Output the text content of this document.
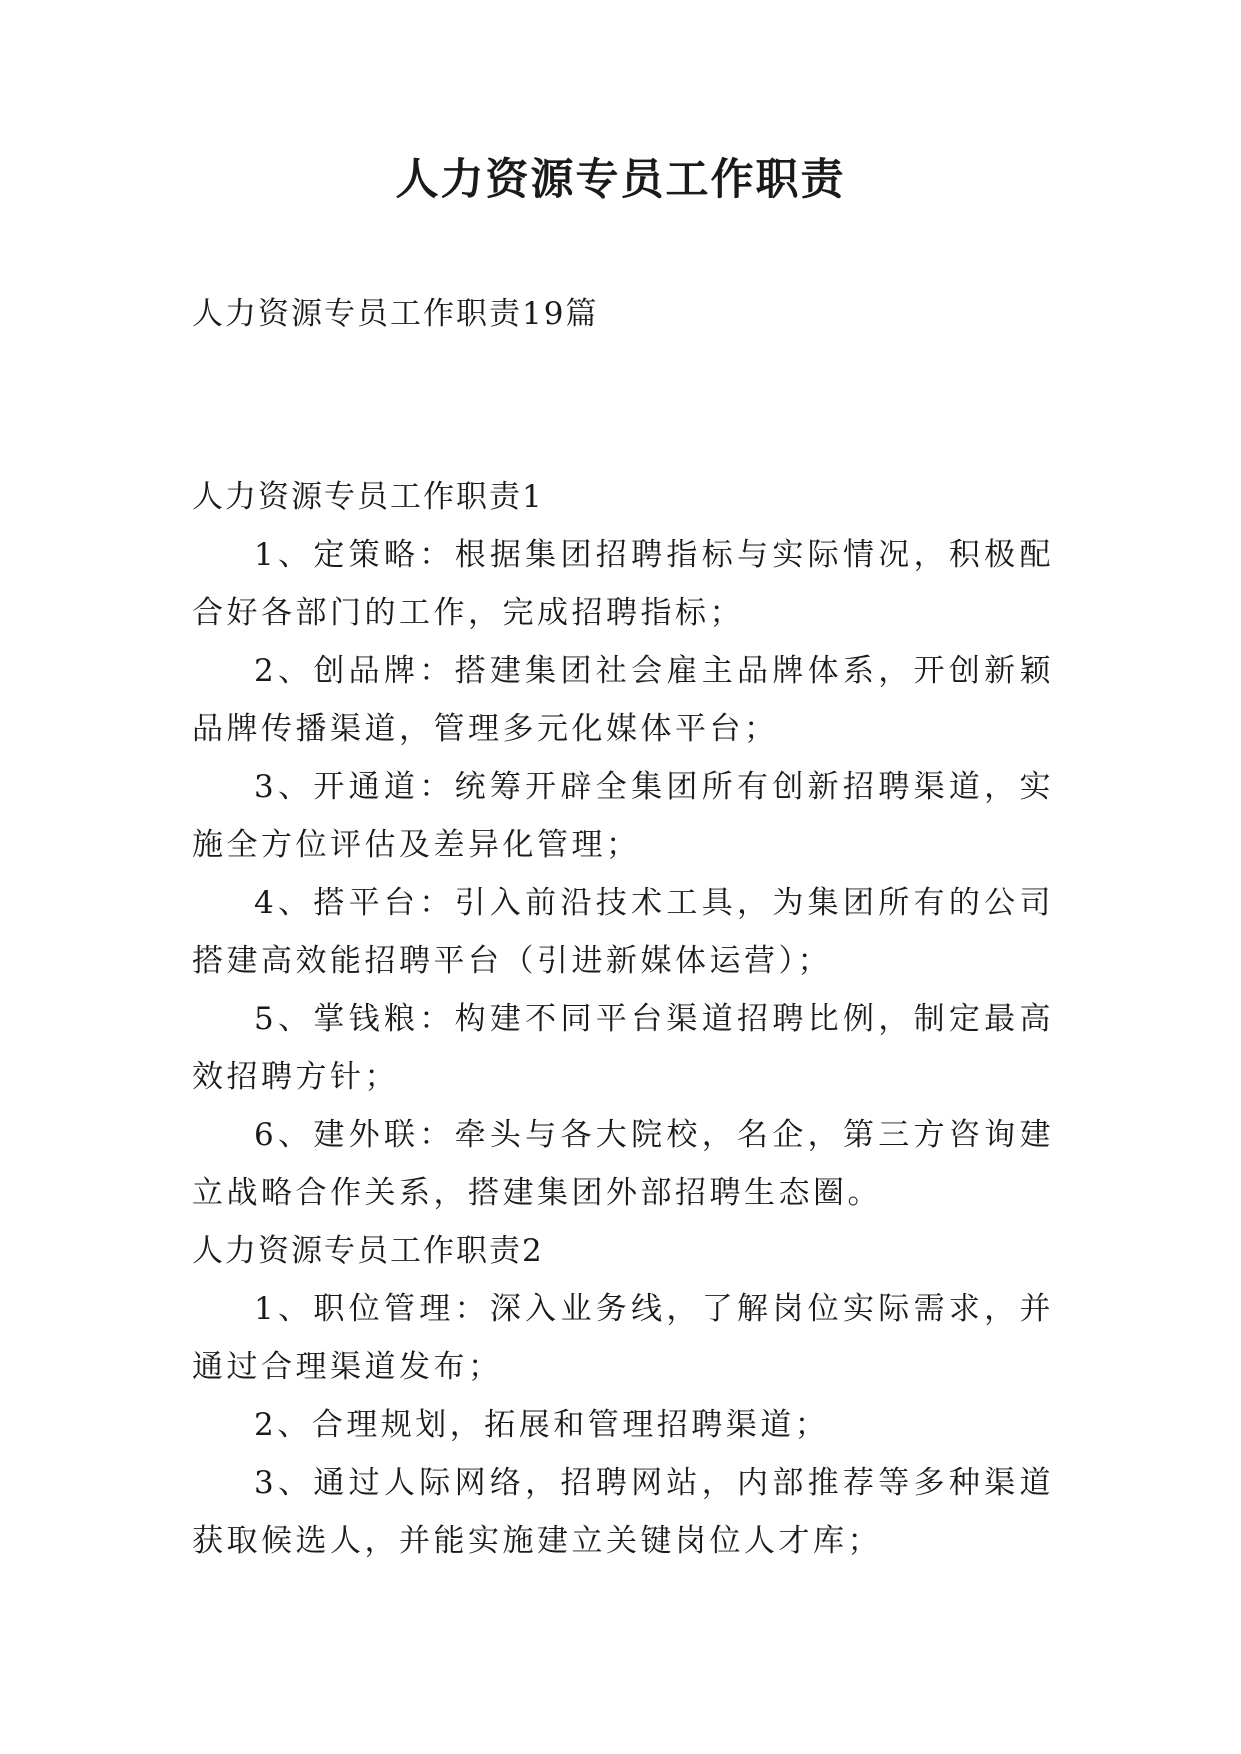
人力资源专员工作职责
人力资源专员工作职责19篇

人力资源专员工作职责1

1、定策略：根据集团招聘指标与实际情况，积极配合好各部门的工作，完成招聘指标；

2、创品牌：搭建集团社会雇主品牌体系，开创新颖品牌传播渠道，管理多元化媒体平台；

3、开通道：统筹开辟全集团所有创新招聘渠道，实施全方位评估及差异化管理；

4、搭平台：引入前沿技术工具，为集团所有的公司搭建高效能招聘平台（引进新媒体运营）；

5、掌钱粮：构建不同平台渠道招聘比例，制定最高效招聘方针；

6、建外联：牵头与各大院校，名企，第三方咨询建立战略合作关系，搭建集团外部招聘生态圈。

人力资源专员工作职责2

1、职位管理：深入业务线，了解岗位实际需求，并通过合理渠道发布；

2、合理规划，拓展和管理招聘渠道；

3、通过人际网络，招聘网站，内部推荐等多种渠道获取候选人，并能实施建立关键岗位人才库；
